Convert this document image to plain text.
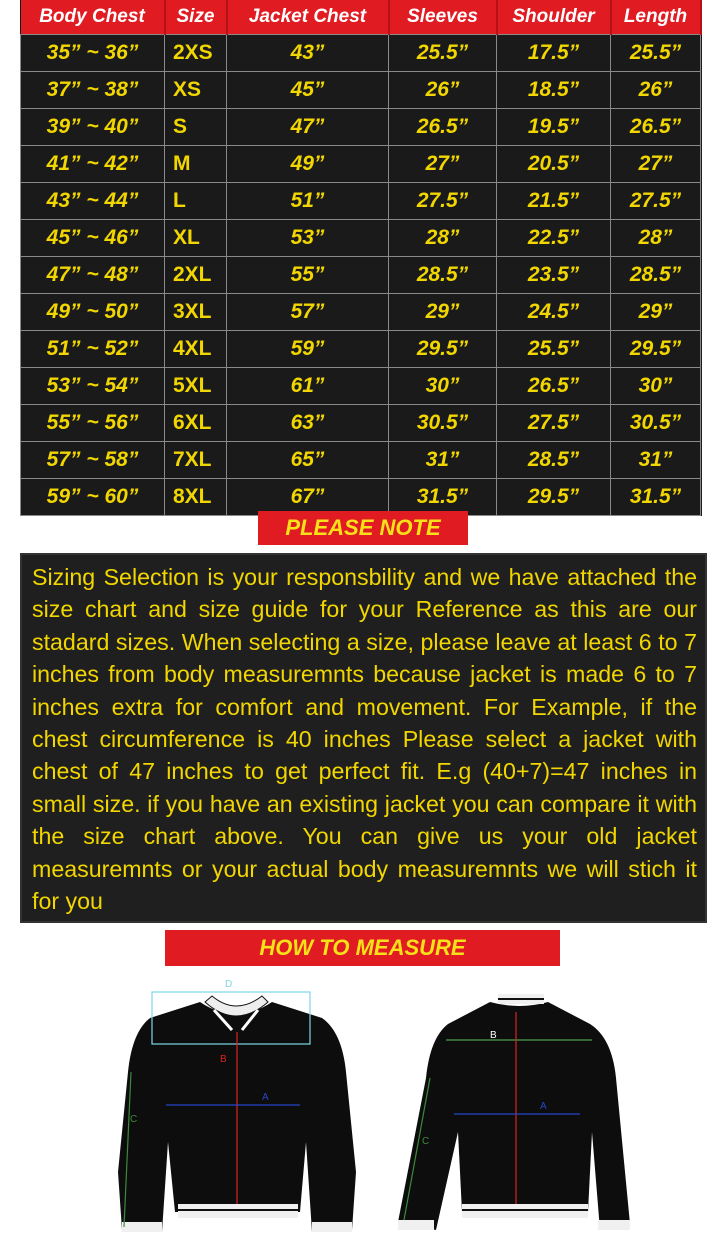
Body Chest	Size	Jacket Chest	Sleeves	Shoulder	Length
35” ~ 36”	2XS	43”	25.5”	17.5”	25.5”
37” ~ 38”	XS	45”	26”	18.5”	26”
39” ~ 40”	S	47”	26.5”	19.5”	26.5”
41” ~ 42”	M	49”	27”	20.5”	27”
43” ~ 44”	L	51”	27.5”	21.5”	27.5”
45” ~ 46”	XL	53”	28”	22.5”	28”
47” ~ 48”	2XL	55”	28.5”	23.5”	28.5”
49” ~ 50”	3XL	57”	29”	24.5”	29”
51” ~ 52”	4XL	59”	29.5”	25.5”	29.5”
53” ~ 54”	5XL	61”	30”	26.5”	30”
55” ~ 56”	6XL	63”	30.5”	27.5”	30.5”
57” ~ 58”	7XL	65”	31”	28.5”	31”
59” ~ 60”	8XL	67”	31.5”	29.5”	31.5”
PLEASE NOTE
Sizing Selection is your responsbility and we have attached the size chart and size guide for your Reference as this are our stadard sizes. When selecting a size, please leave at least 6 to 7 inches from body measuremnts because jacket is made 6 to 7 inches extra for comfort and movement. For Example, if the chest circumference is 40 inches Please select a jacket with chest of 47 inches to get perfect fit. E.g (40+7)=47 inches in small size. if you have an existing jacket you can compare it with the size chart above. You can give us your old jacket measuremnts or your actual body measuremnts we will stich it for you
HOW TO MEASURE
D
B
A
C
B
A
C
